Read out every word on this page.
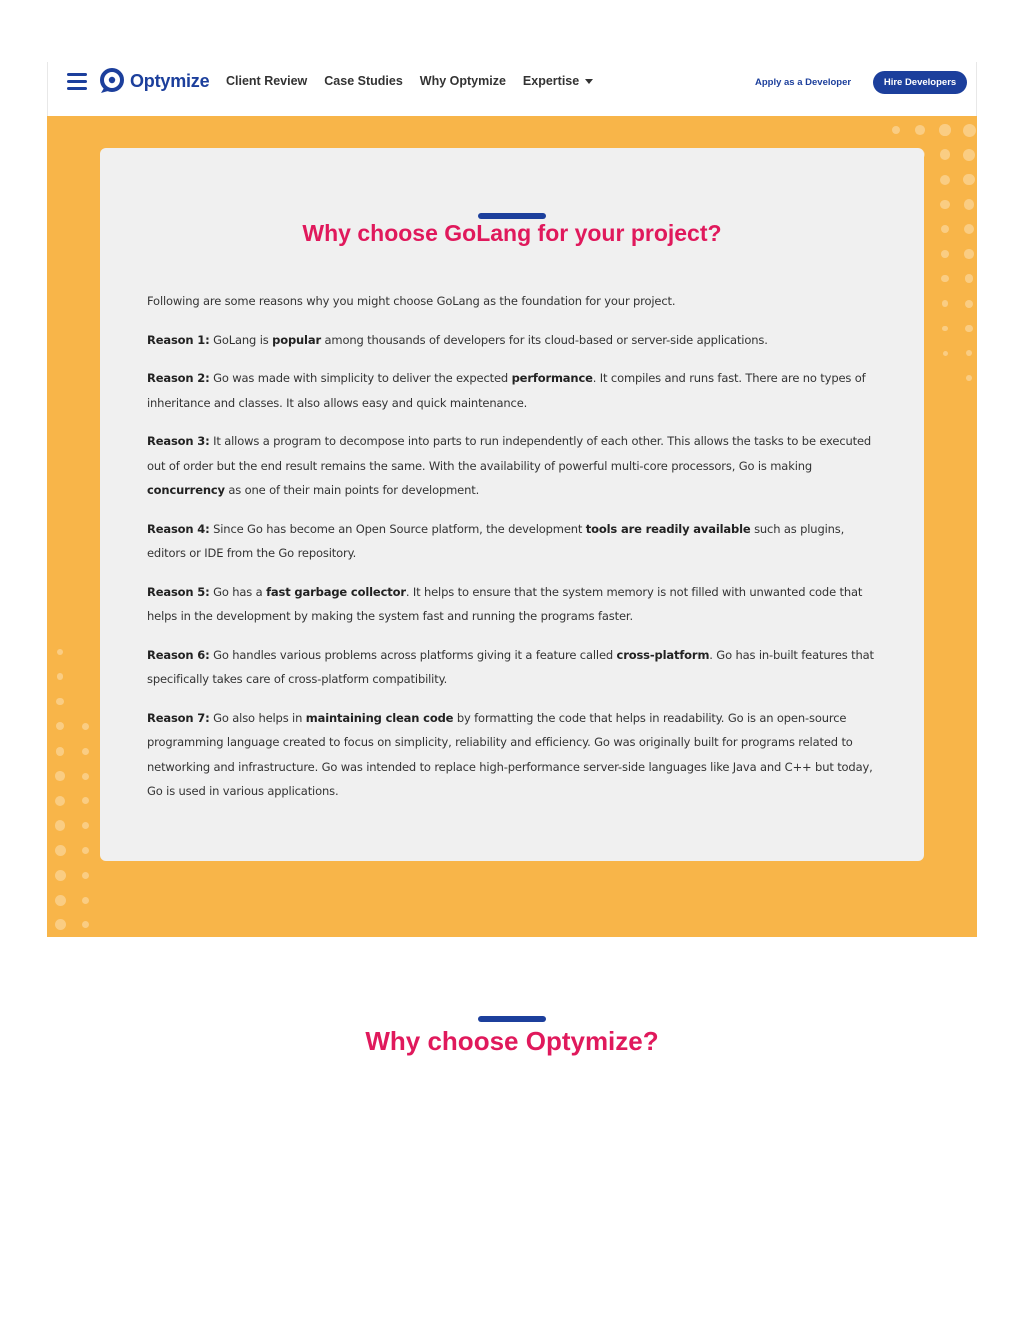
Optymize Client Review Case Studies Why Optymize Expertise	Apply as a Developer	Hire Developers
Why choose GoLang for your project?

Following are some reasons why you might choose GoLang as the foundation for your project.

Reason 1: GoLang is popular among thousands of developers for its cloud-based or server-side applications.

Reason 2: Go was made with simplicity to deliver the expected performance. It compiles and runs fast. There are no types of inheritance and classes. It also allows easy and quick maintenance.

Reason 3: It allows a program to decompose into parts to run independently of each other. This allows the tasks to be executed out of order but the end result remains the same. With the availability of powerful multi-core processors, Go is making concurrency as one of their main points for development.

Reason 4: Since Go has become an Open Source platform, the development tools are readily available such as plugins, editors or IDE from the Go repository.

Reason 5: Go has a fast garbage collector. It helps to ensure that the system memory is not filled with unwanted code that helps in the development by making the system fast and running the programs faster.

Reason 6: Go handles various problems across platforms giving it a feature called cross-platform. Go has in-built features that specifically takes care of cross-platform compatibility.

Reason 7: Go also helps in maintaining clean code by formatting the code that helps in readability. Go is an open-source programming language created to focus on simplicity, reliability and efficiency. Go was originally built for programs related to networking and infrastructure. Go was intended to replace high-performance server-side languages like Java and C++ but today, Go is used in various applications.

Why choose Optymize?
